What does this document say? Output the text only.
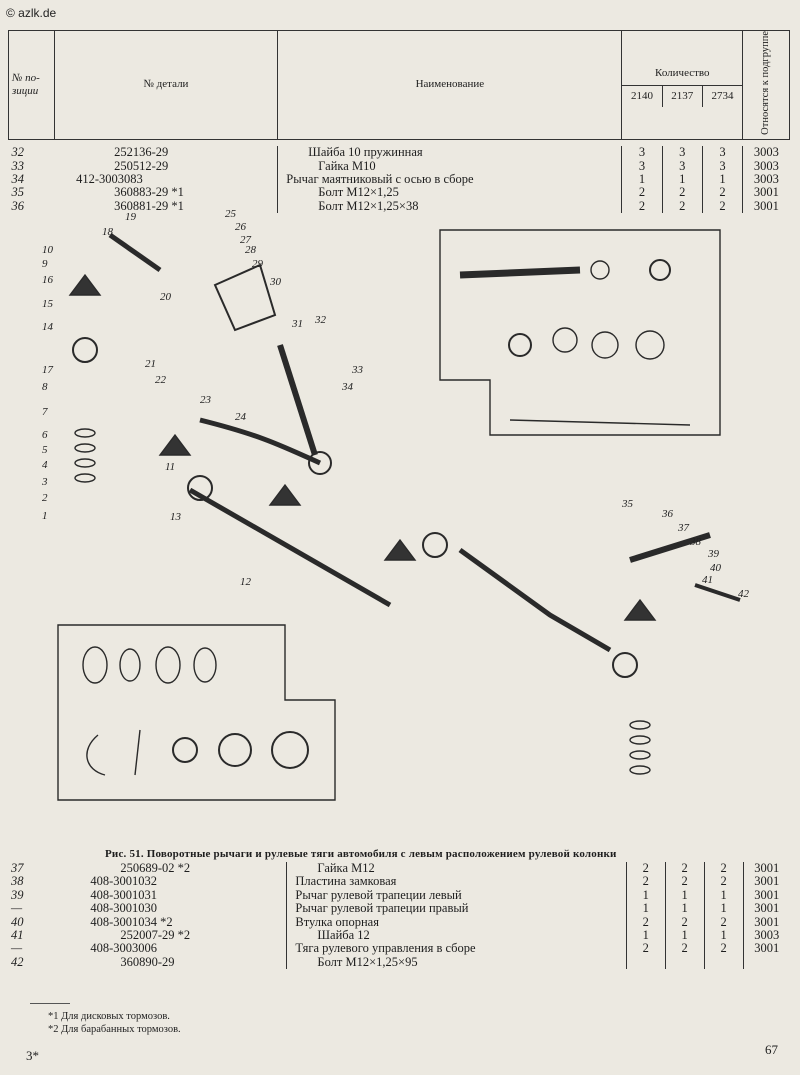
© azlk.de
№ по- зиции	№ детали	Наименование	Количество
2140 2137 2734			Относятся к подгруппе

32	252136-29	Шайба 10 пружинная	3	3	3	3003
33	250512-29	Гайка М10	3	3	3	3003
34	412-3003083	Рычаг маятниковый с осью в сборе	1	1	1	3003
35	360883-29 *1	Болт М12×1,25	2	2	2	3001
36	360881-29 *1	Болт М12×1,25×38	2	2	2	3001
10
9
16
15
14
17
8
7
6
5
4
3
2
1
18
19
20
21
22
23
24
25
26
27
28
29
30
31 32
33
34
35
36
37
38
39
40
41
42
11
12
13
Рис. 51. Поворотные рычаги и рулевые тяги автомобиля с левым расположением рулевой колонки
37	250689-02 *2	Гайка М12	2	2	2	3001
38	408-3001032	Пластина замковая	2	2	2	3001
39	408-3001031	Рычаг рулевой трапеции левый	1	1	1	3001
—	408-3001030	Рычаг рулевой трапеции правый	1	1	1	3001
40	408-3001034 *2	Втулка опорная	2	2	2	3001
41	252007-29 *2	Шайба 12	1	1	1	3003
—	408-3003006	Тяга рулевого управления в сборе	2	2	2	3001
42	360890-29	Болт М12×1,25×95				
*1 Для дисковых тормозов.
*2 Для барабанных тормозов.
3*	67
